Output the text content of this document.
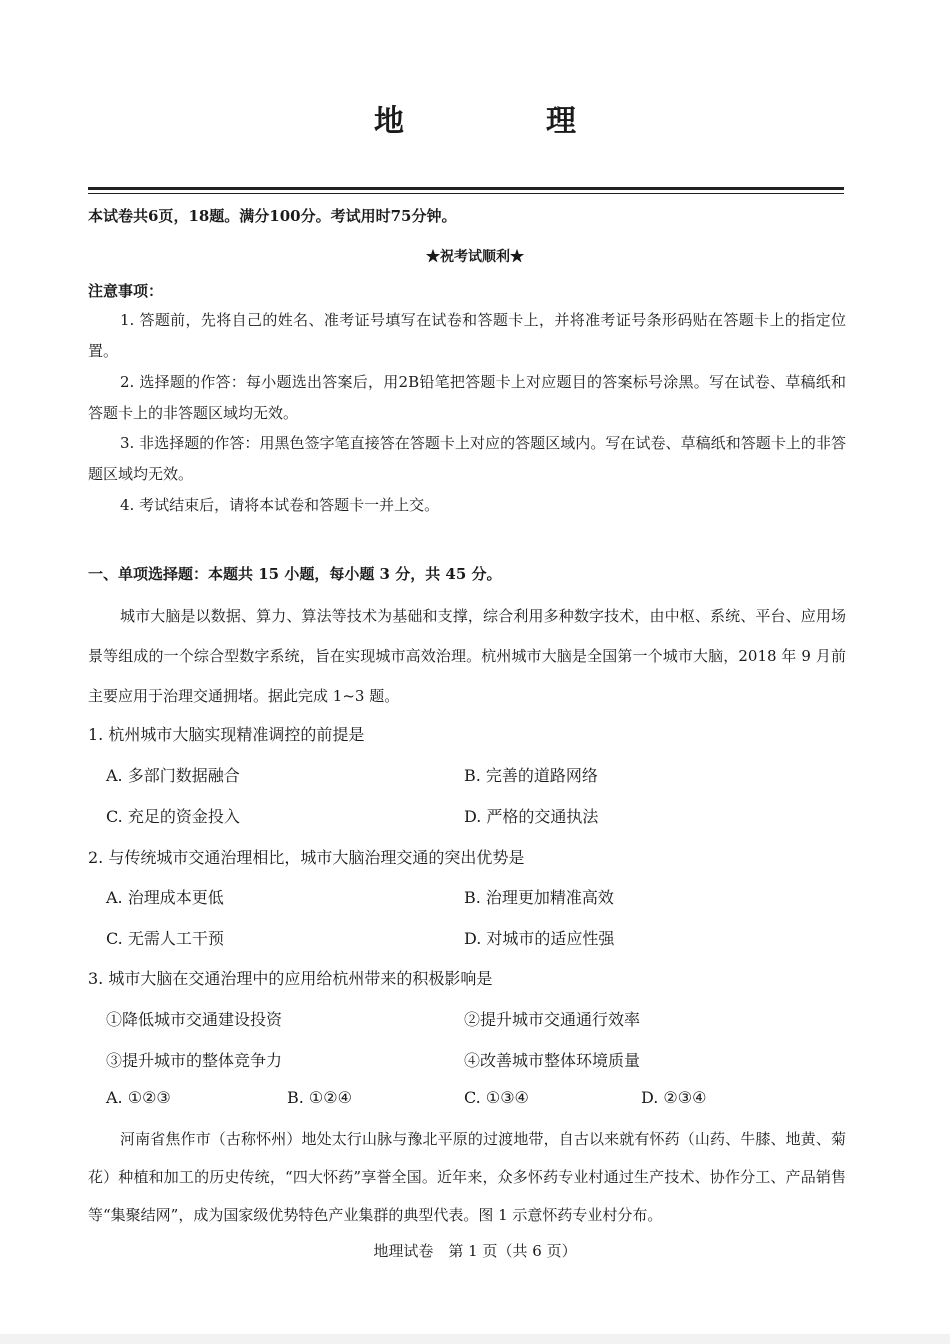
地　理
本试卷共6页，18题。满分100分。考试用时75分钟。
★祝考试顺利★
注意事项：
1. 答题前，先将自己的姓名、准考证号填写在试卷和答题卡上，并将准考证号条形码贴在答题卡上的指定位置。
2. 选择题的作答：每小题选出答案后，用2B铅笔把答题卡上对应题目的答案标号涂黑。写在试卷、草稿纸和答题卡上的非答题区域均无效。
3. 非选择题的作答：用黑色签字笔直接答在答题卡上对应的答题区域内。写在试卷、草稿纸和答题卡上的非答题区域均无效。
4. 考试结束后，请将本试卷和答题卡一并上交。
一、单项选择题：本题共 15 小题，每小题 3 分，共 45 分。
城市大脑是以数据、算力、算法等技术为基础和支撑，综合利用多种数字技术，由中枢、系统、平台、应用场景等组成的一个综合型数字系统，旨在实现城市高效治理。杭州城市大脑是全国第一个城市大脑，2018 年 9 月前主要应用于治理交通拥堵。据此完成 1~3 题。
1. 杭州城市大脑实现精准调控的前提是
A. 多部门数据融合	B. 完善的道路网络
C. 充足的资金投入	D. 严格的交通执法
2. 与传统城市交通治理相比，城市大脑治理交通的突出优势是
A. 治理成本更低	B. 治理更加精准高效
C. 无需人工干预	D. 对城市的适应性强
3. 城市大脑在交通治理中的应用给杭州带来的积极影响是
①降低城市交通建设投资	②提升城市交通通行效率
③提升城市的整体竞争力	④改善城市整体环境质量
A. ①②③	B. ①②④	C. ①③④	D. ②③④
河南省焦作市（古称怀州）地处太行山脉与豫北平原的过渡地带，自古以来就有怀药（山药、牛膝、地黄、菊花）种植和加工的历史传统，“四大怀药”享誉全国。近年来，众多怀药专业村通过生产技术、协作分工、产品销售等“集聚结网”，成为国家级优势特色产业集群的典型代表。图 1 示意怀药专业村分布。
地理试卷　第 1 页（共 6 页）
